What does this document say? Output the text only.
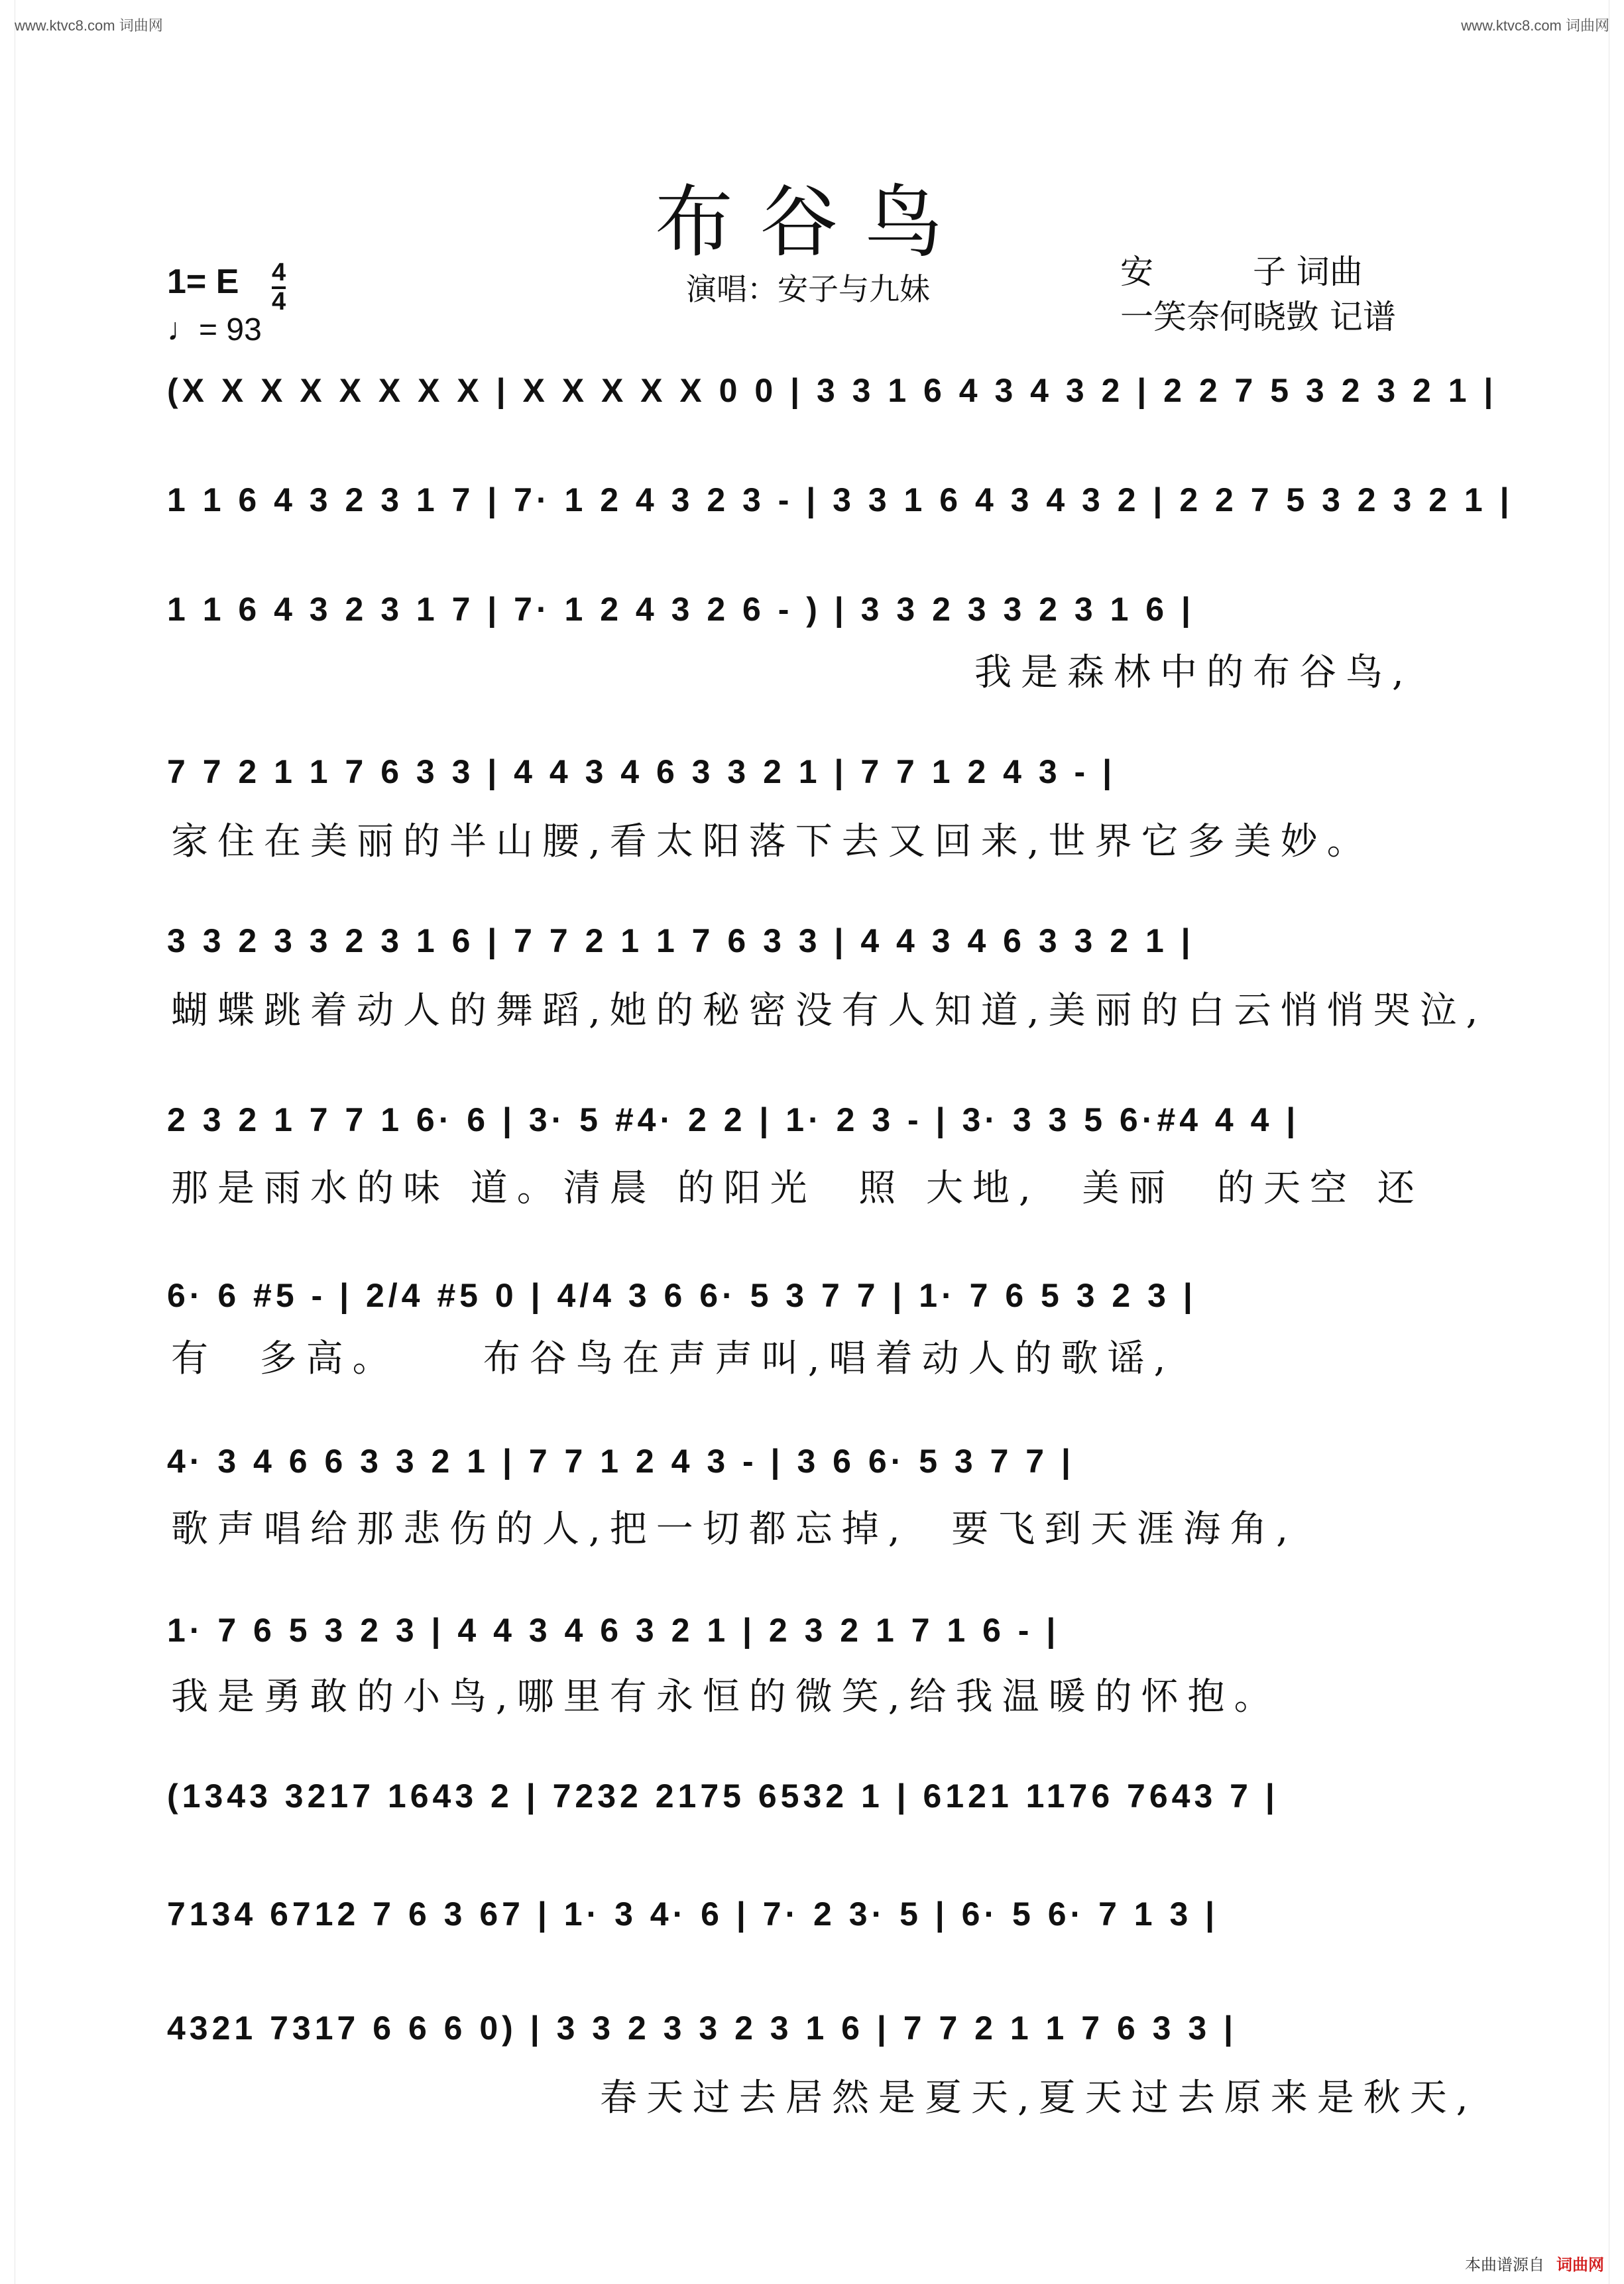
www.ktvc8.com 词曲网	www.ktvc8.com 词曲网
布谷鸟
1= E 4
4
♩= 93
演唱：安子与九妹	安　　　子 词曲
一笑奈何晓敳 记谱
(X X X X X X X X | X X X X X 0 0 | 3 3 1 6 4 3 4 3 2 | 2 2 7 5 3 2 3 2 1 |
1 1 6 4 3 2 3 1 7 | 7· 1 2 4 3 2 3 - | 3 3 1 6 4 3 4 3 2 | 2 2 7 5 3 2 3 2 1 |
1 1 6 4 3 2 3 1 7 | 7· 1 2 4 3 2 6 - ) | 3 3 2 3 3 2 3 1 6 |
我是森林中的布谷鸟,
7 7 2 1 1 7 6 3 3 | 4 4 3 4 6 3 3 2 1 | 7 7 1 2 4 3 - |
家住在美丽的半山腰,看太阳落下去又回来,世界它多美妙。
3 3 2 3 3 2 3 1 6 | 7 7 2 1 1 7 6 3 3 | 4 4 3 4 6 3 3 2 1 |
蝴蝶跳着动人的舞蹈,她的秘密没有人知道,美丽的白云悄悄哭泣,
2 3 2 1 7 7 1 6· 6 | 3· 5 #4· 2 2 | 1· 2 3 - | 3· 3 3 5 6·#4 4 4 |
那是雨水的味 道。清晨 的阳光  照 大地,  美丽  的天空 还
6· 6 #5 - | 2/4 #5 0 | 4/4 3 6 6· 5 3 7 7 | 1· 7 6 5 3 2 3 |
有  多高。    布谷鸟在声声叫,唱着动人的歌谣,
4· 3 4 6 6 3 3 2 1 | 7 7 1 2 4 3 - | 3 6 6· 5 3 7 7 |
歌声唱给那悲伤的人,把一切都忘掉,  要飞到天涯海角,
1· 7 6 5 3 2 3 | 4 4 3 4 6 3 2 1 | 2 3 2 1 7 1 6 - |
我是勇敢的小鸟,哪里有永恒的微笑,给我温暖的怀抱。
(1343 3217 1643 2 | 7232 2175 6532 1 | 6121 1176 7643 7 |
7134 6712 7 6 3 67 | 1· 3 4· 6 | 7· 2 3· 5 | 6· 5 6· 7 1 3 |
4321 7317 6 6 6 0) | 3 3 2 3 3 2 3 1 6 | 7 7 2 1 1 7 6 3 3 |
春天过去居然是夏天,夏天过去原来是秋天,
本曲谱源自 词曲网
